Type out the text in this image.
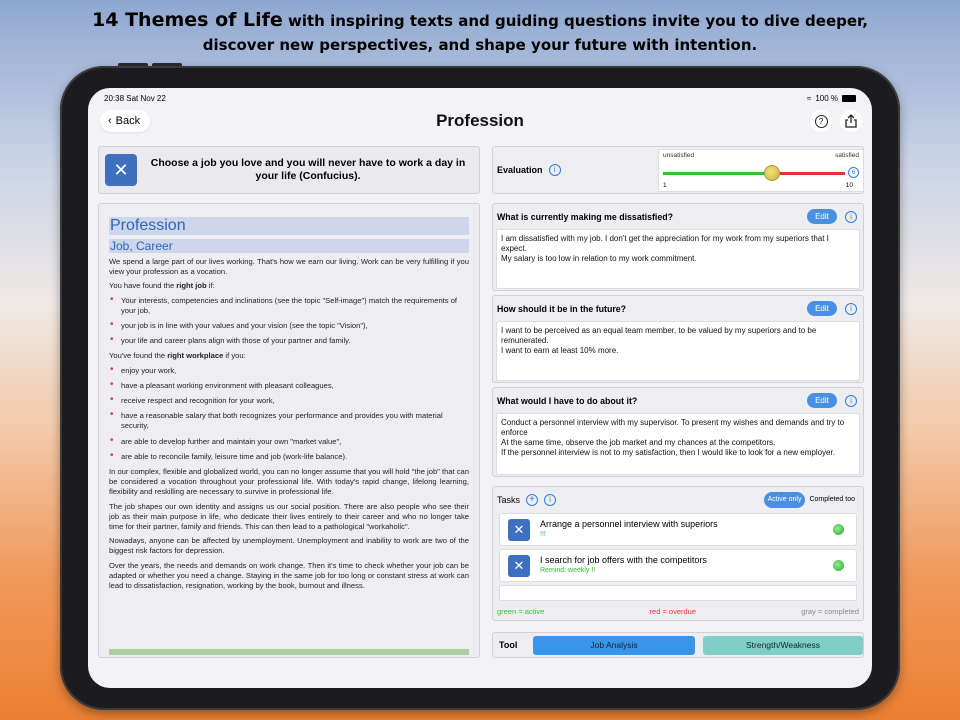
14 Themes of Life with inspiring texts and guiding questions invite you to dive deeper,
discover new perspectives, and shape your future with intention.
20:38 Sat Nov 22	≈ 100 %
‹ Back	Profession	?
✕	Choose a job you love and you will never have to work a day in your life (Confucius).
Profession
Job, Career

We spend a large part of our lives working. That's how we earn our living. Work can be very fulfilling if you view your profession as a vocation.

You have found the right job if:

• Your interests, competencies and inclinations (see the topic "Self-image") match the requirements of your job,
• your job is in line with your values and your vision (see the topic "Vision"),
• your life and career plans align with those of your partner and family.

You've found the right workplace if you:

• enjoy your work,
• have a pleasant working environment with pleasant colleagues,
• receive respect and recognition for your work,
• have a reasonable salary that both recognizes your performance and provides you with material security,
• are able to develop further and maintain your own "market value",
• are able to reconcile family, leisure time and job (work-life balance).

In our complex, flexible and globalized world, you can no longer assume that you will hold "the job" that can be considered a vocation throughout your professional life. With today's rapid change, lifelong learning, flexibility and reskilling are necessary to survive in professional life.

The job shapes our own identity and assigns us our social position. There are also people who see their job as their main purpose in life, who dedicate their lives entirely to their career and who no longer take time for their partner, family and friends. This can then lead to a pathological "workaholic".

Nowadays, anyone can be affected by unemployment. Unemployment and inability to work are two of the biggest risk factors for depression.

Over the years, the needs and demands on work change. Then it's time to check whether your job can be adapted or whether you need a change. Staying in the same job for too long or constant stress at work can lead to dissatisfaction, resignation, working by the book, burnout and illness.

Evaluation	i
unsatisfied	satisfied
6
1	10
What is currently making me dissatisfied?	Edit	i
I am dissatisfied with my job. I don't get the appreciation for my work from my superiors that I expect.
My salary is too low in relation to my work commitment.
How should it be in the future?	Edit	i
I want to be perceived as an equal team member, to be valued by my superiors and to be remunerated.
I want to earn at least 10% more.
What would I have to do about it?	Edit	i
Conduct a personnel interview with my supervisor. To present my wishes and demands and try to enforce
At the same time, observe the job market and my chances at the competitors.
If the personnel interview is not to my satisfaction, then I would like to look for a new employer.
Tasks +	i	Active only	Completed too
✕	Arrange a personnel interview with superiors
!!!
✕	I search for job offers with the competitors
Remind: weekly !!
green = active	red = overdue	gray = completed
Tool	Job Analysis	Strength/Weakness
